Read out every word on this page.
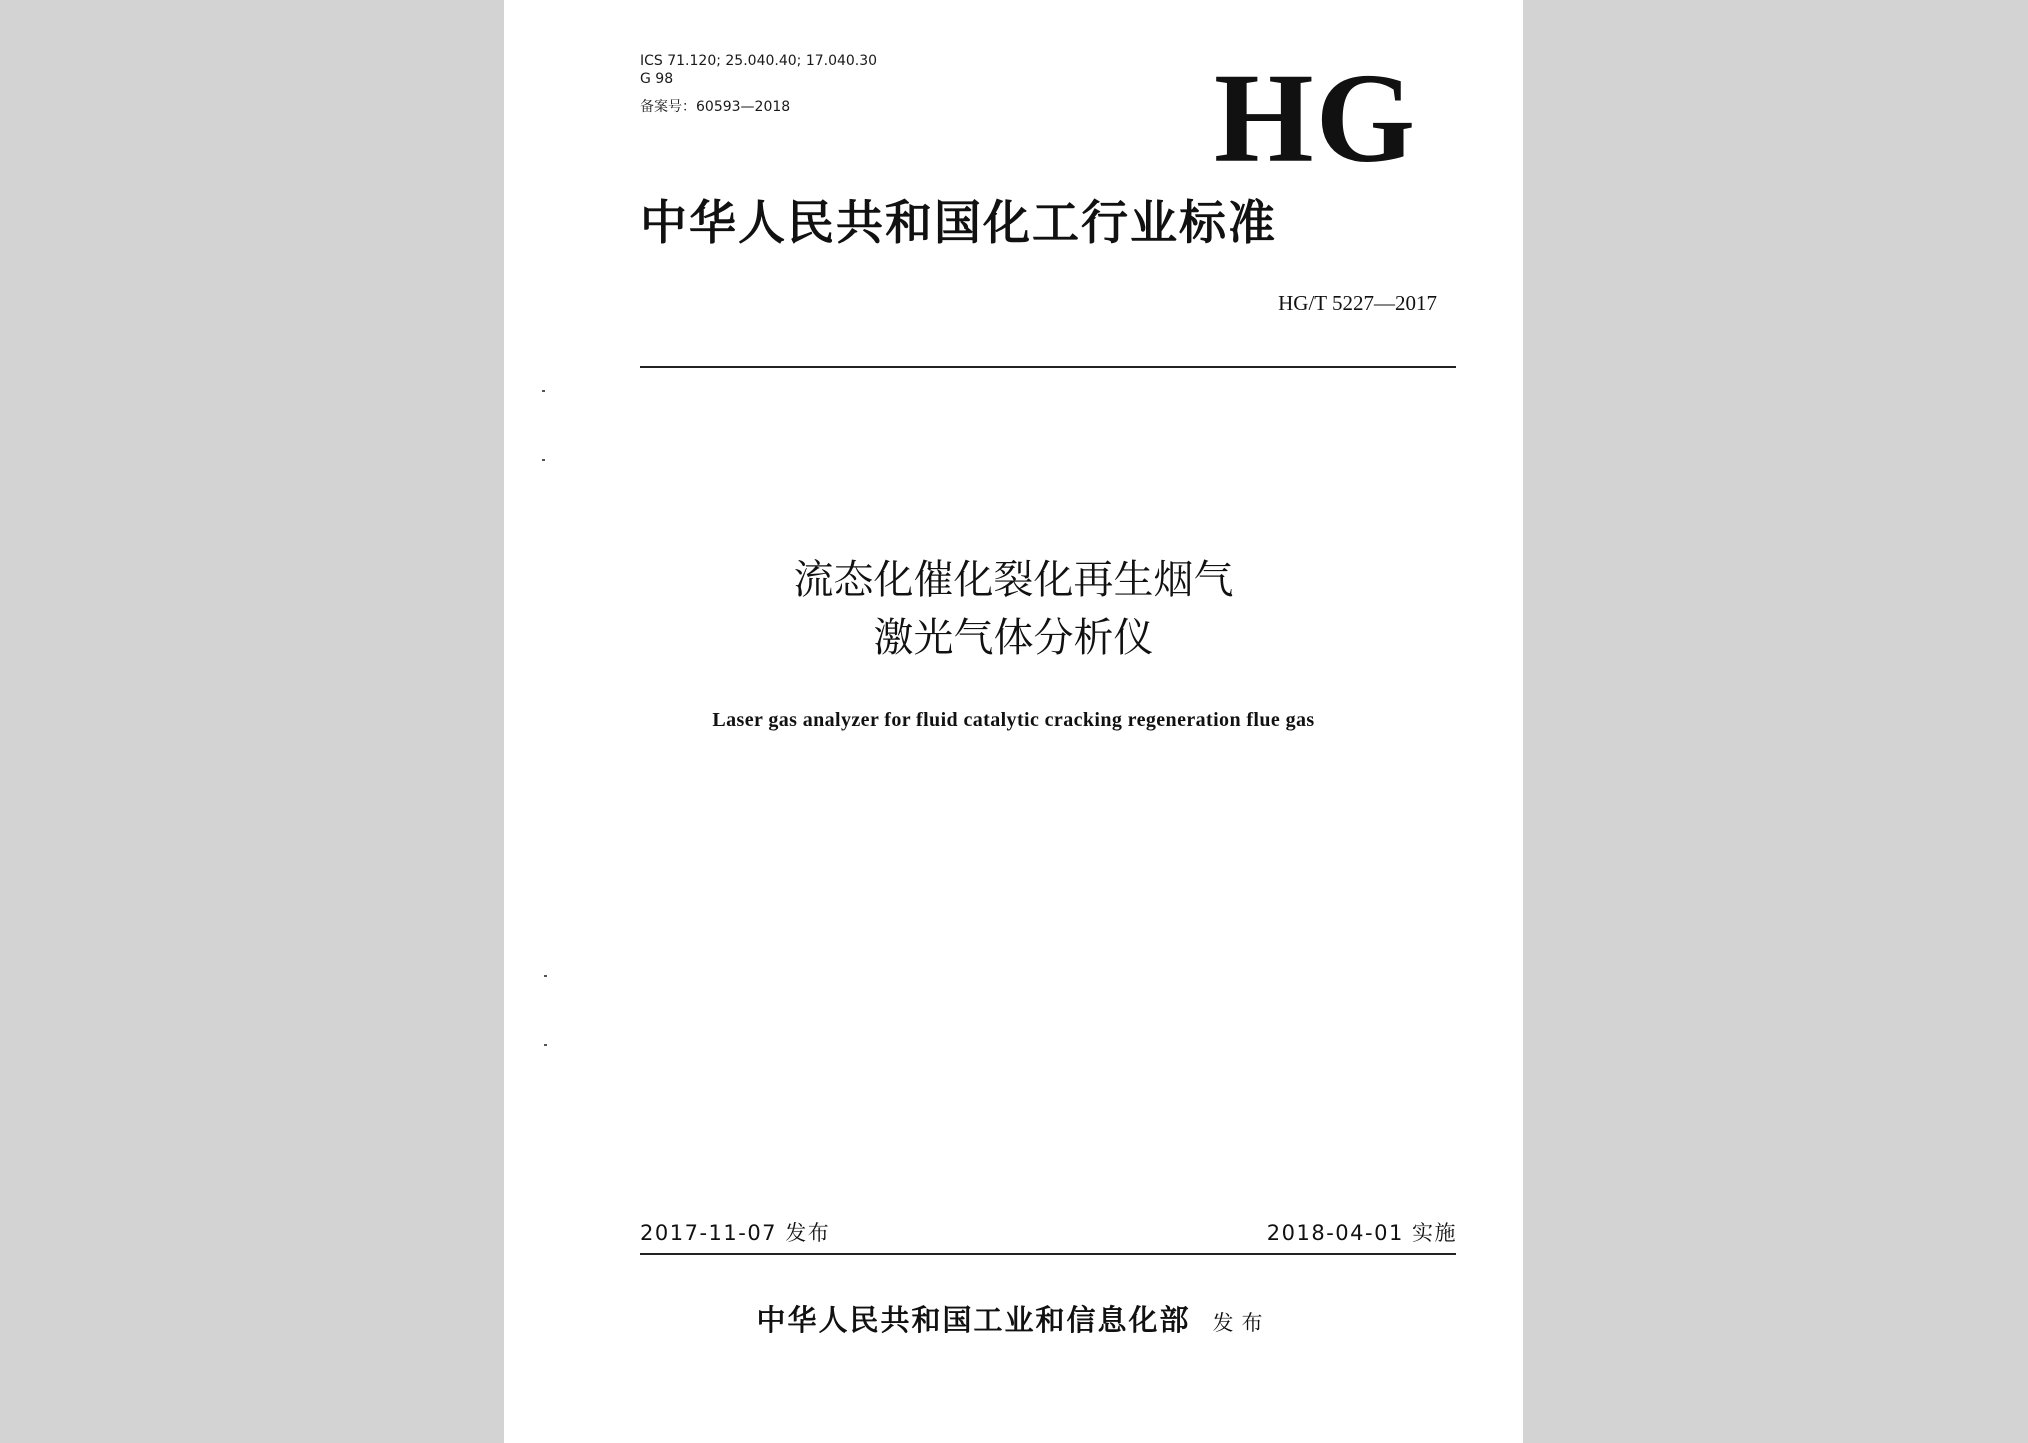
ICS 71.120; 25.040.40; 17.040.30
G 98
备案号：60593—2018	HG
中华人民共和国化工行业标准
HG/T 5227—2017
流态化催化裂化再生烟气
激光气体分析仪
Laser gas analyzer for fluid catalytic cracking regeneration flue gas
2017-11-07 发布	2018-04-01 实施
中华人民共和国工业和信息化部 发布
